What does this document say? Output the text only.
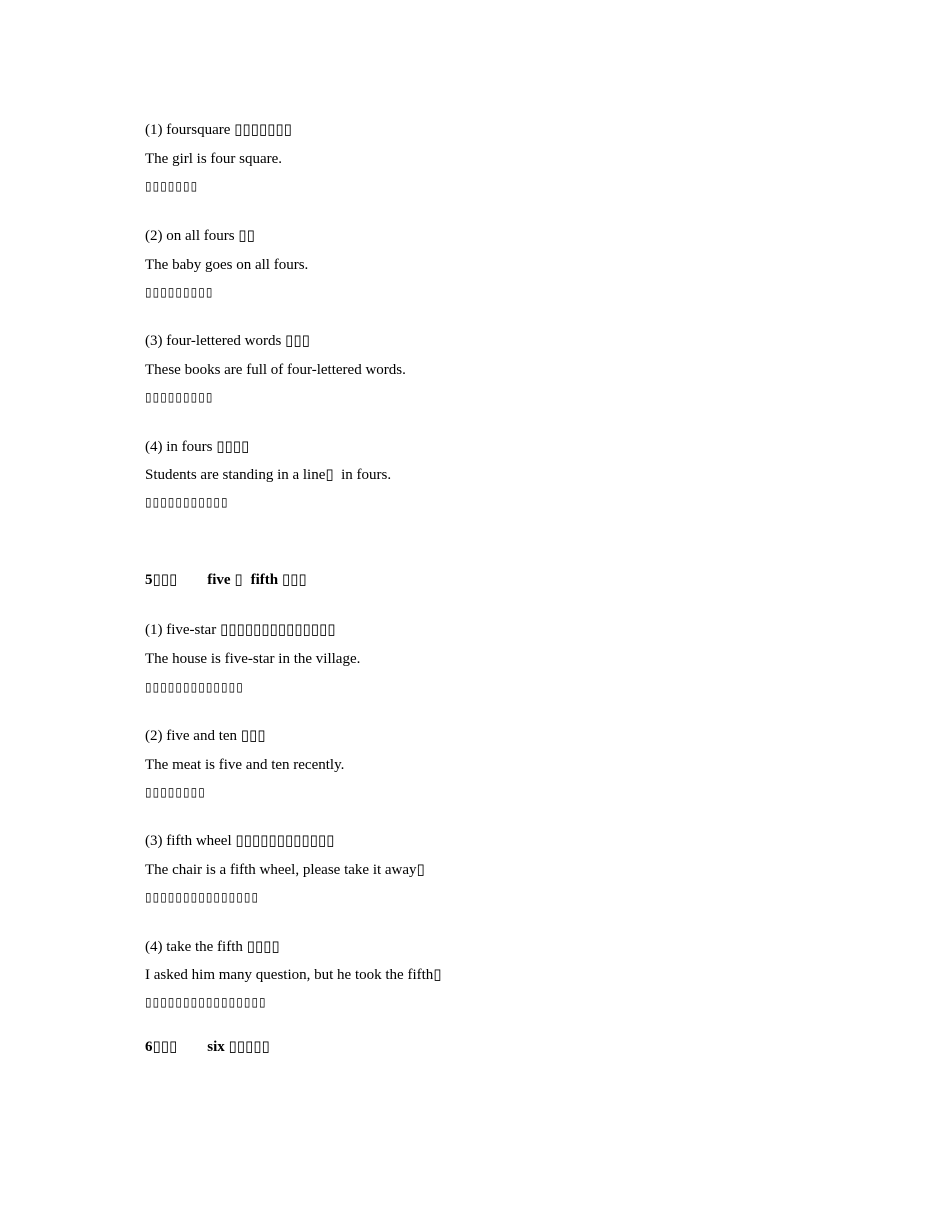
(1) foursquare ▯▯▯▯▯▯▯
The girl is four square.
▯▯▯▯▯▯▯
(2) on all fours ▯▯
The baby goes on all fours.
▯▯▯▯▯▯▯▯▯
(3) four-lettered words ▯▯▯
These books are full of four-lettered words.
▯▯▯▯▯▯▯▯▯
(4) in fours ▯▯▯▯
Students are standing in a line▯  in fours.
▯▯▯▯▯▯▯▯▯▯▯
5▯▯▯ five ▯ fifth ▯▯▯
(1) five-star ▯▯▯▯▯▯▯▯▯▯▯▯▯▯
The house is five-star in the village.
▯▯▯▯▯▯▯▯▯▯▯▯▯
(2) five and ten ▯▯▯
The meat is five and ten recently.
▯▯▯▯▯▯▯▯
(3) fifth wheel ▯▯▯▯▯▯▯▯▯▯▯▯
The chair is a fifth wheel, please take it away▯
▯▯▯▯▯▯▯▯▯▯▯▯▯▯▯
(4) take the fifth ▯▯▯▯
I asked him many question, but he took the fifth▯
▯▯▯▯▯▯▯▯▯▯▯▯▯▯▯▯
6▯▯▯ six ▯▯▯▯▯
